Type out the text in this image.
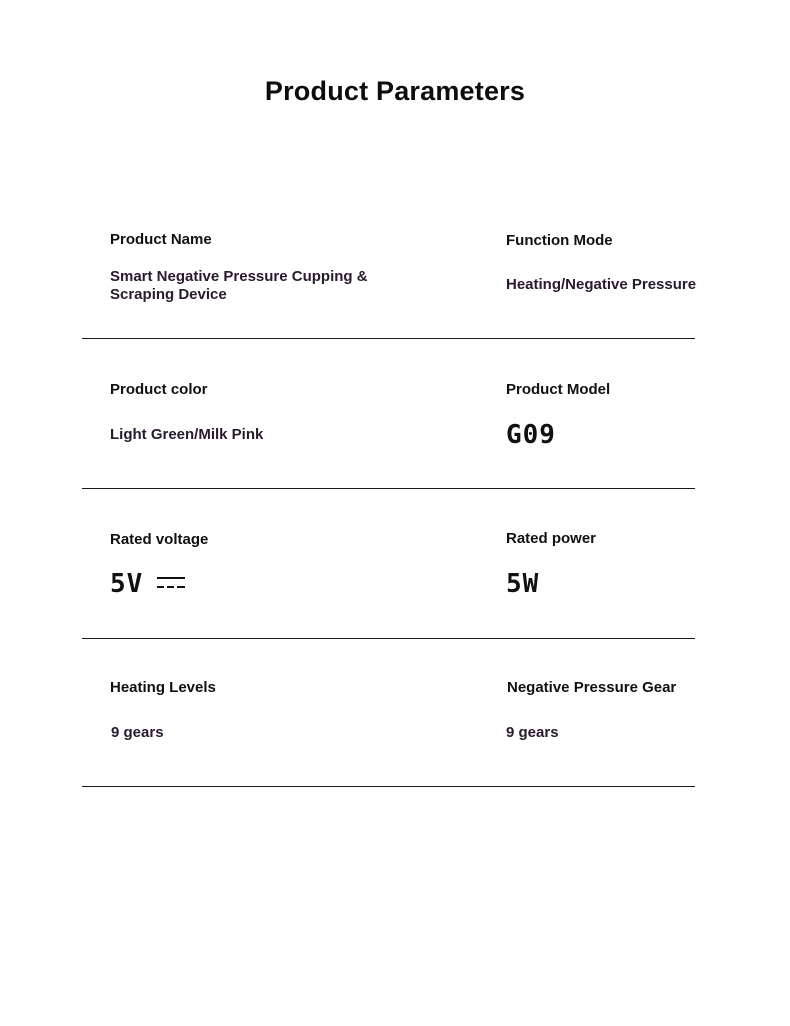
Product Parameters
Product Name
Smart Negative Pressure Cupping & Scraping Device
Function Mode
Heating/Negative Pressure
Product color
Light Green/Milk Pink
Product Model
G09
Rated voltage
5V
Rated power
5W
Heating Levels
9 gears
Negative Pressure Gear
9 gears
